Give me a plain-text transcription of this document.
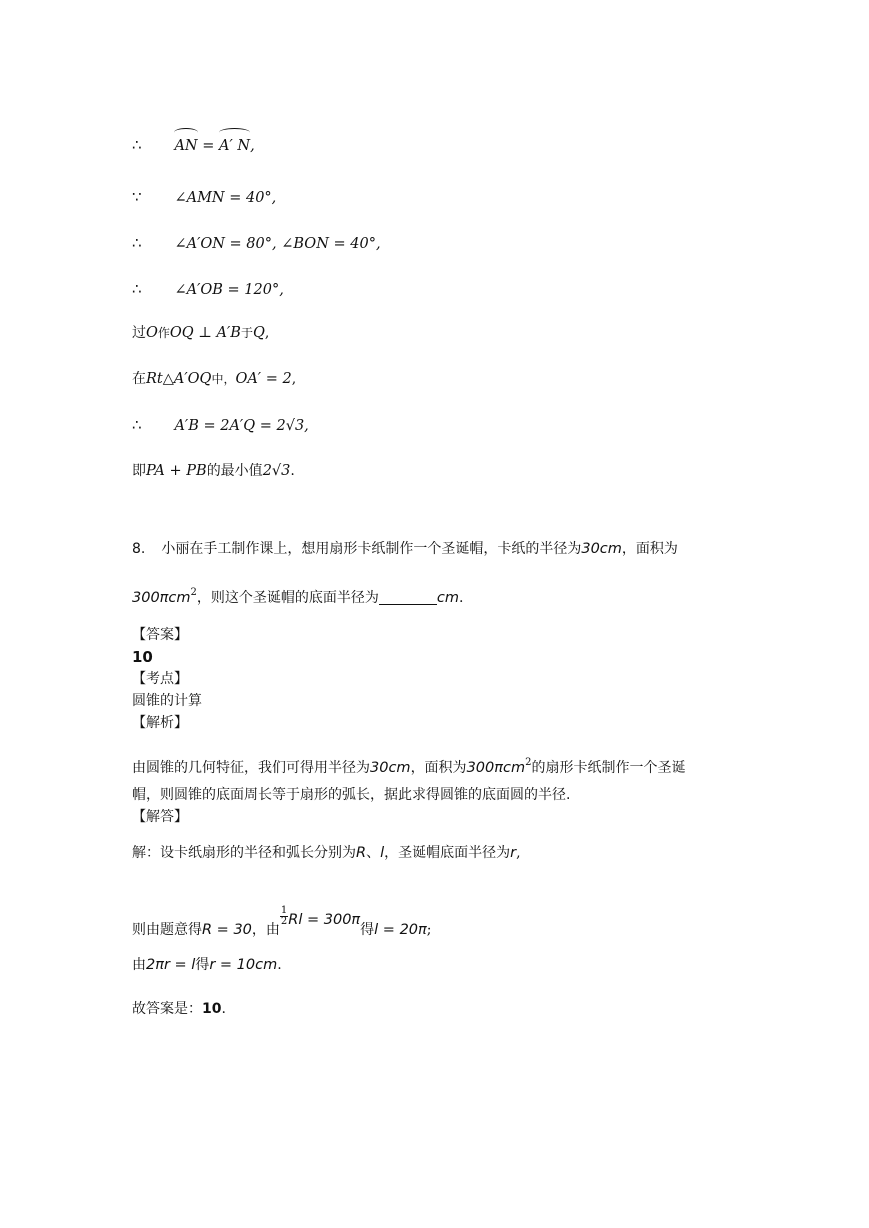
∴ AN = A′ N,
∵ ∠AMN = 40°,
∴ ∠A′ON = 80°, ∠BON = 40°,
∴ ∠A′OB = 120°,
过O作OQ ⊥ A′B于Q,
在Rt△A′OQ中，OA′ = 2,
∴ A′B = 2A′Q = 2√3,
即PA + PB的最小值2√3.
8. 小丽在手工制作课上，想用扇形卡纸制作一个圣诞帽，卡纸的半径为30cm，面积为
300πcm$^2$，则这个圣诞帽的底面半径为	cm.
【答案】
10
【考点】
圆锥的计算
【解析】
由圆锥的几何特征，我们可得用半径为30cm，面积为300πcm$^2$的扇形卡纸制作一个圣诞
帽，则圆锥的底面周长等于扇形的弧长，据此求得圆锥的底面圆的半径.
【解答】
解：设卡纸扇形的半径和弧长分别为R、l，圣诞帽底面半径为r,
则由题意得R = 30，由
$\frac{1}{2}$ Rl = 300π得l = 20π;
由2πr = l得r = 10cm.
故答案是：10.
